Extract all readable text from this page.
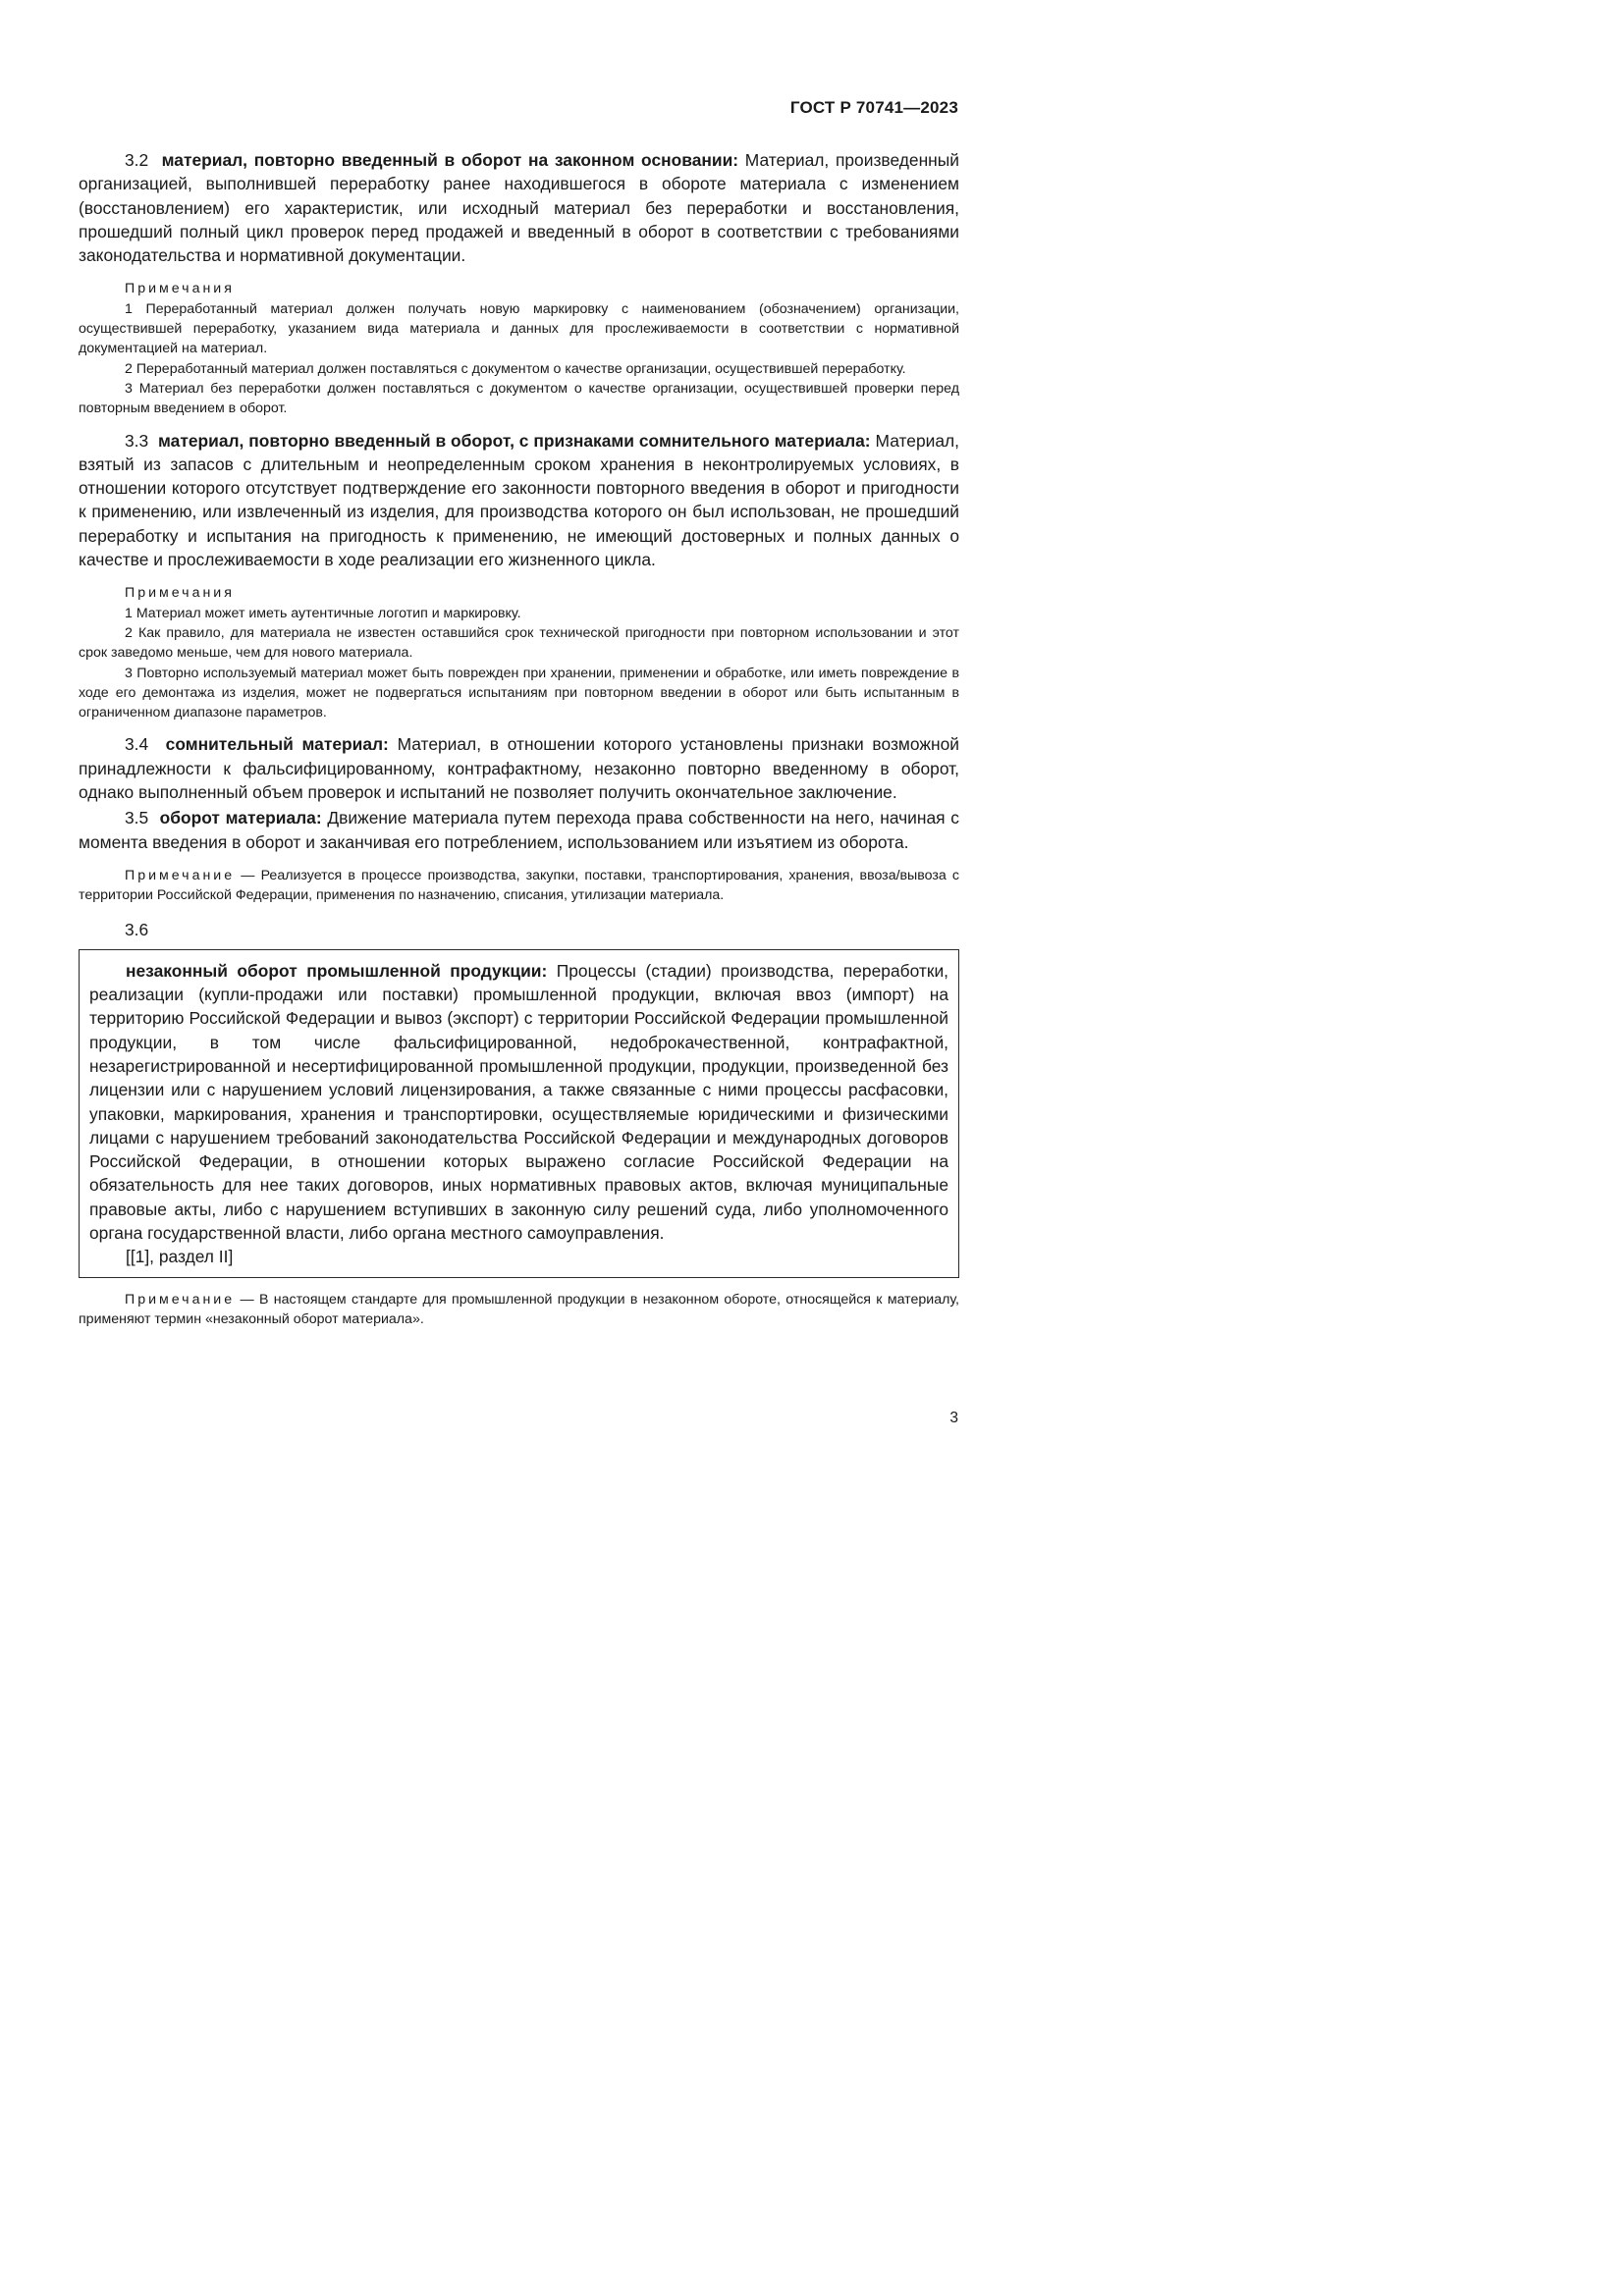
ГОСТ Р 70741—2023

3.2 материал, повторно введенный в оборот на законном основании: Материал, произведенный организацией, выполнившей переработку ранее находившегося в обороте материала с изменением (восстановлением) его характеристик, или исходный материал без переработки и восстановления, прошедший полный цикл проверок перед продажей и введенный в оборот в соответствии с требованиями законодательства и нормативной документации.

Примечания

1 Переработанный материал должен получать новую маркировку с наименованием (обозначением) организации, осуществившей переработку, указанием вида материала и данных для прослеживаемости в соответствии с нормативной документацией на материал.

2 Переработанный материал должен поставляться с документом о качестве организации, осуществившей переработку.

3 Материал без переработки должен поставляться с документом о качестве организации, осуществившей проверки перед повторным введением в оборот.

3.3 материал, повторно введенный в оборот, с признаками сомнительного материала: Материал, взятый из запасов с длительным и неопределенным сроком хранения в неконтролируемых условиях, в отношении которого отсутствует подтверждение его законности повторного введения в оборот и пригодности к применению, или извлеченный из изделия, для производства которого он был использован, не прошедший переработку и испытания на пригодность к применению, не имеющий достоверных и полных данных о качестве и прослеживаемости в ходе реализации его жизненного цикла.

Примечания

1 Материал может иметь аутентичные логотип и маркировку.

2 Как правило, для материала не известен оставшийся срок технической пригодности при повторном использовании и этот срок заведомо меньше, чем для нового материала.

3 Повторно используемый материал может быть поврежден при хранении, применении и обработке, или иметь повреждение в ходе его демонтажа из изделия, может не подвергаться испытаниям при повторном введении в оборот или быть испытанным в ограниченном диапазоне параметров.

3.4 сомнительный материал: Материал, в отношении которого установлены признаки возможной принадлежности к фальсифицированному, контрафактному, незаконно повторно введенному в оборот, однако выполненный объем проверок и испытаний не позволяет получить окончательное заключение.

3.5 оборот материала: Движение материала путем перехода права собственности на него, начиная с момента введения в оборот и заканчивая его потреблением, использованием или изъятием из оборота.

Примечание — Реализуется в процессе производства, закупки, поставки, транспортирования, хранения, ввоза/вывоза с территории Российской Федерации, применения по назначению, списания, утилизации материала.

3.6

незаконный оборот промышленной продукции: Процессы (стадии) производства, переработки, реализации (купли-продажи или поставки) промышленной продукции, включая ввоз (импорт) на территорию Российской Федерации и вывоз (экспорт) с территории Российской Федерации промышленной продукции, в том числе фальсифицированной, недоброкачественной, контрафактной, незарегистрированной и несертифицированной промышленной продукции, продукции, произведенной без лицензии или с нарушением условий лицензирования, а также связанные с ними процессы расфасовки, упаковки, маркирования, хранения и транспортировки, осуществляемые юридическими и физическими лицами с нарушением требований законодательства Российской Федерации и международных договоров Российской Федерации, в отношении которых выражено согласие Российской Федерации на обязательность для нее таких договоров, иных нормативных правовых актов, включая муниципальные правовые акты, либо с нарушением вступивших в законную силу решений суда, либо уполномоченного органа государственной власти, либо органа местного самоуправления.

[[1], раздел II]

Примечание — В настоящем стандарте для промышленной продукции в незаконном обороте, относящейся к материалу, применяют термин «незаконный оборот материала».

3
